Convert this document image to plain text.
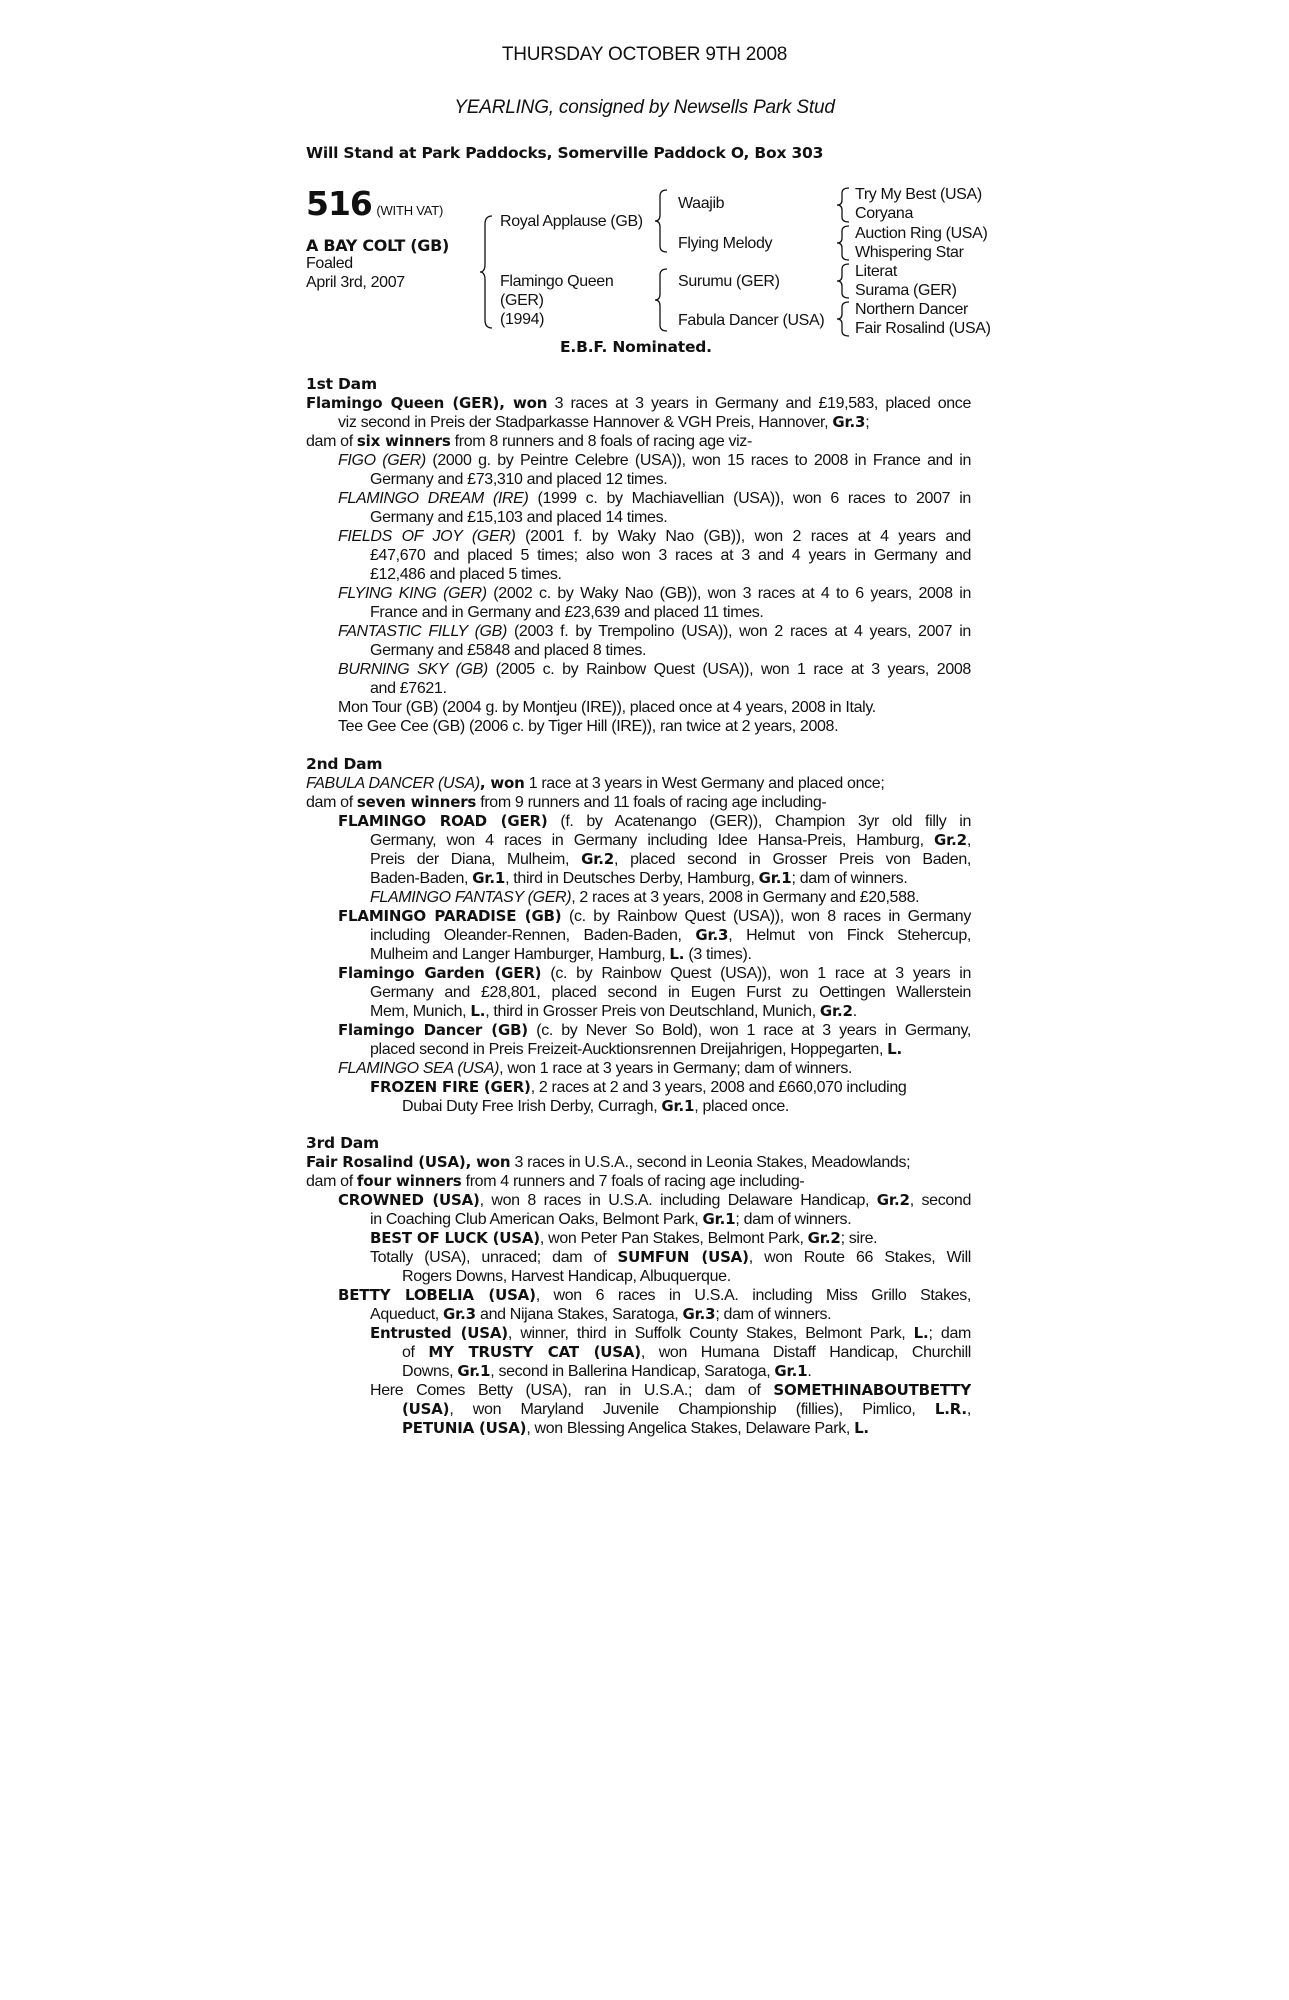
THURSDAY OCTOBER 9TH 2008
YEARLING, consigned by Newsells Park Stud
Will Stand at Park Paddocks, Somerville Paddock O, Box 303
516 (WITH VAT)
A BAY COLT (GB)
Foaled
April 3rd, 2007
Royal Applause (GB)
Flamingo Queen
(GER)
(1994)
Waajib
Flying Melody
Surumu (GER)
Fabula Dancer (USA)
Try My Best (USA)
Coryana
Auction Ring (USA)
Whispering Star
Literat
Surama (GER)
Northern Dancer
Fair Rosalind (USA)
E.B.F. Nominated.
1st Dam
Flamingo Queen (GER), won 3 races at 3 years in Germany and £19,583, placed once
viz second in Preis der Stadparkasse Hannover & VGH Preis, Hannover, Gr.3;
dam of six winners from 8 runners and 8 foals of racing age viz-
FIGO (GER) (2000 g. by Peintre Celebre (USA)), won 15 races to 2008 in France and in
Germany and £73,310 and placed 12 times.
FLAMINGO DREAM (IRE) (1999 c. by Machiavellian (USA)), won 6 races to 2007 in
Germany and £15,103 and placed 14 times.
FIELDS OF JOY (GER) (2001 f. by Waky Nao (GB)), won 2 races at 4 years and
£47,670 and placed 5 times; also won 3 races at 3 and 4 years in Germany and
£12,486 and placed 5 times.
FLYING KING (GER) (2002 c. by Waky Nao (GB)), won 3 races at 4 to 6 years, 2008 in
France and in Germany and £23,639 and placed 11 times.
FANTASTIC FILLY (GB) (2003 f. by Trempolino (USA)), won 2 races at 4 years, 2007 in
Germany and £5848 and placed 8 times.
BURNING SKY (GB) (2005 c. by Rainbow Quest (USA)), won 1 race at 3 years, 2008
and £7621.
Mon Tour (GB) (2004 g. by Montjeu (IRE)), placed once at 4 years, 2008 in Italy.
Tee Gee Cee (GB) (2006 c. by Tiger Hill (IRE)), ran twice at 2 years, 2008.
2nd Dam
FABULA DANCER (USA), won 1 race at 3 years in West Germany and placed once;
dam of seven winners from 9 runners and 11 foals of racing age including-
FLAMINGO ROAD (GER) (f. by Acatenango (GER)), Champion 3yr old filly in
Germany, won 4 races in Germany including Idee Hansa-Preis, Hamburg, Gr.2,
Preis der Diana, Mulheim, Gr.2, placed second in Grosser Preis von Baden,
Baden-Baden, Gr.1, third in Deutsches Derby, Hamburg, Gr.1; dam of winners.
FLAMINGO FANTASY (GER), 2 races at 3 years, 2008 in Germany and £20,588.
FLAMINGO PARADISE (GB) (c. by Rainbow Quest (USA)), won 8 races in Germany
including Oleander-Rennen, Baden-Baden, Gr.3, Helmut von Finck Stehercup,
Mulheim and Langer Hamburger, Hamburg, L. (3 times).
Flamingo Garden (GER) (c. by Rainbow Quest (USA)), won 1 race at 3 years in
Germany and £28,801, placed second in Eugen Furst zu Oettingen Wallerstein
Mem, Munich, L., third in Grosser Preis von Deutschland, Munich, Gr.2.
Flamingo Dancer (GB) (c. by Never So Bold), won 1 race at 3 years in Germany,
placed second in Preis Freizeit-Aucktionsrennen Dreijahrigen, Hoppegarten, L.
FLAMINGO SEA (USA), won 1 race at 3 years in Germany; dam of winners.
FROZEN FIRE (GER), 2 races at 2 and 3 years, 2008 and £660,070 including
Dubai Duty Free Irish Derby, Curragh, Gr.1, placed once.
3rd Dam
Fair Rosalind (USA), won 3 races in U.S.A., second in Leonia Stakes, Meadowlands;
dam of four winners from 4 runners and 7 foals of racing age including-
CROWNED (USA), won 8 races in U.S.A. including Delaware Handicap, Gr.2, second
in Coaching Club American Oaks, Belmont Park, Gr.1; dam of winners.
BEST OF LUCK (USA), won Peter Pan Stakes, Belmont Park, Gr.2; sire.
Totally (USA), unraced; dam of SUMFUN (USA), won Route 66 Stakes, Will
Rogers Downs, Harvest Handicap, Albuquerque.
BETTY LOBELIA (USA), won 6 races in U.S.A. including Miss Grillo Stakes,
Aqueduct, Gr.3 and Nijana Stakes, Saratoga, Gr.3; dam of winners.
Entrusted (USA), winner, third in Suffolk County Stakes, Belmont Park, L.; dam
of MY TRUSTY CAT (USA), won Humana Distaff Handicap, Churchill
Downs, Gr.1, second in Ballerina Handicap, Saratoga, Gr.1.
Here Comes Betty (USA), ran in U.S.A.; dam of SOMETHINABOUTBETTY
(USA), won Maryland Juvenile Championship (fillies), Pimlico, L.R.,
PETUNIA (USA), won Blessing Angelica Stakes, Delaware Park, L.
